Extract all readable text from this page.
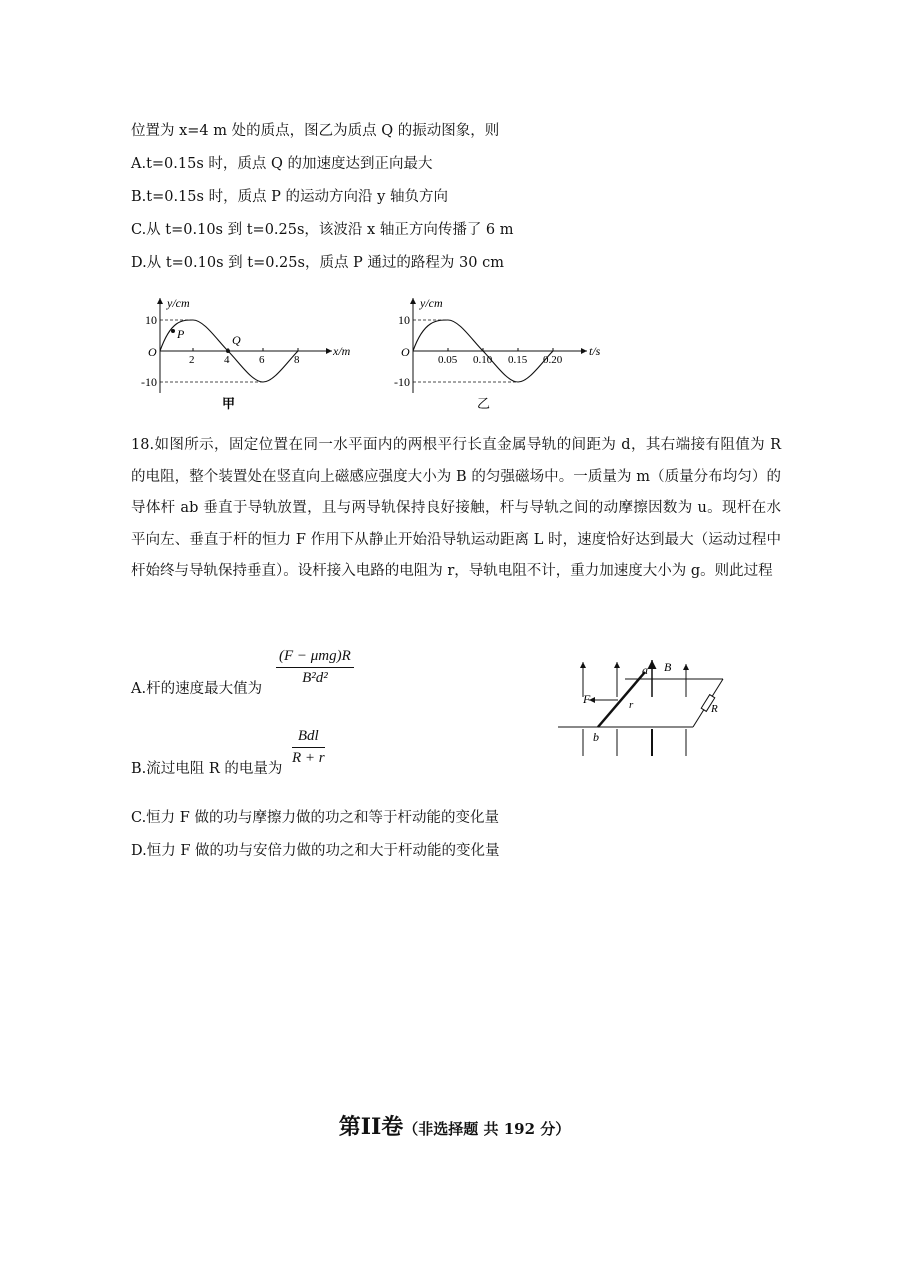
位置为 x=4 m 处的质点，图乙为质点 Q 的振动图象，则
A.t=0.15s 时，质点 Q 的加速度达到正向最大
B.t=0.15s 时，质点 P 的运动方向沿 y 轴负方向
C.从 t=0.10s 到 t=0.25s，该波沿 x 轴正方向传播了 6 m
D.从 t=0.10s 到 t=0.25s，质点 P 通过的路程为 30 cm
y/cm
x/m
O
10
-10
2	4	6	8
P	Q
甲
y/cm
t/s
O
10
-10
0.05 0.10 0.15 0.20
乙
18.如图所示，固定位置在同一水平面内的两根平行长直金属导轨的间距为 d，其右端接有阻值为 R 的电阻，整个装置处在竖直向上磁感应强度大小为 B 的匀强磁场中。一质量为 m（质量分布均匀）的导体杆 ab 垂直于导轨放置，且与两导轨保持良好接触，杆与导轨之间的动摩擦因数为 u。现杆在水平向左、垂直于杆的恒力 F 作用下从静止开始沿导轨运动距离 L 时，速度恰好达到最大（运动过程中杆始终与导轨保持垂直）。设杆接入电路的电阻为 r，导轨电阻不计，重力加速度大小为 g。则此过程
A.杆的速度最大值为
(F − μmg)R
B²d²
B.流过电阻 R 的电量为
Bdl
R + r
C.恒力 F 做的功与摩擦力做的功之和等于杆动能的变化量
D.恒力 F 做的功与安倍力做的功之和大于杆动能的变化量
a
b
B
F	r	R
第II卷（非选择题 共 192 分）
